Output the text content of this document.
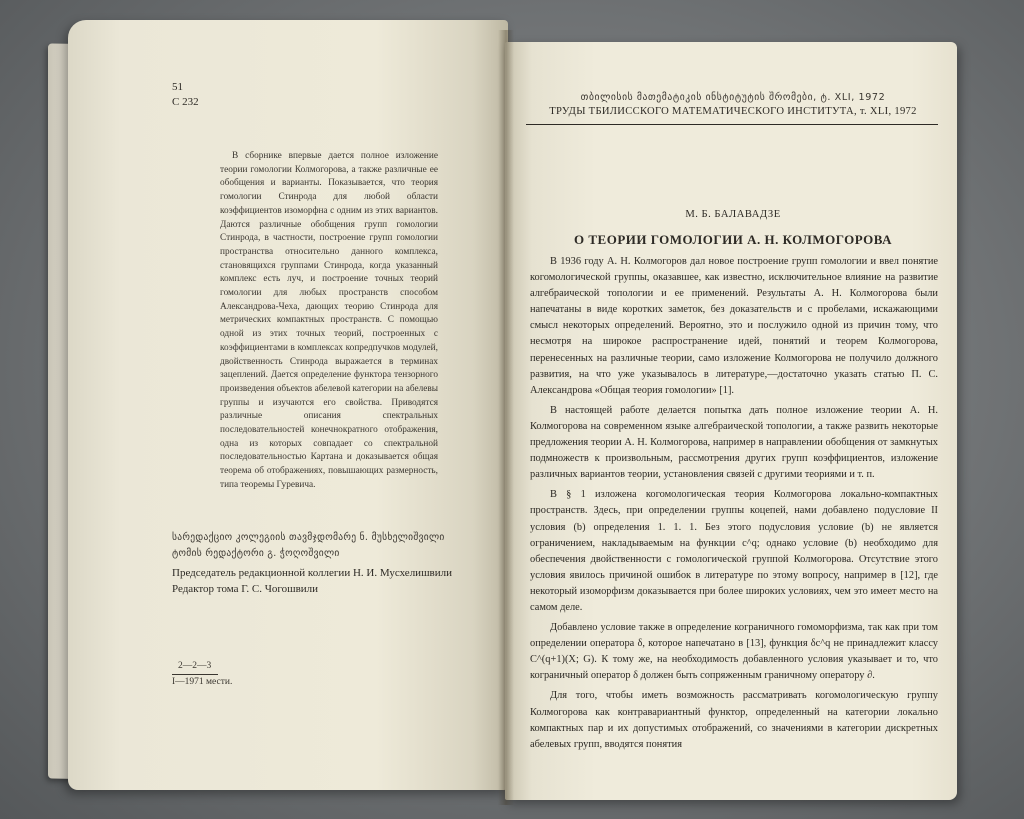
51
С 232
В сборнике впервые дается полное изложение теории гомологии Колмогорова, а также различные ее обобщения и варианты. Показывается, что теория гомологии Стинрода для любой области коэффициентов изоморфна с одним из этих вариантов. Даются различные обобщения групп гомологии Стинрода, в частности, построение групп гомологии пространства относительно данного комплекса, становящихся группами Стинрода, когда указанный комплекс есть луч, и построение точных теорий гомологии для любых пространств способом Александрова-Чеха, дающих теорию Стинрода для метрических компактных пространств. С помощью одной из этих точных теорий, построенных с коэффициентами в комплексах копредпучков модулей, двойственность Стинрода выражается в терминах зацеплений. Дается определение функтора тензорного произведения объектов абелевой категории на абелевы группы и изучаются его свойства. Приводятся различные описания спектральных последовательностей конечнократного отображения, одна из которых совпадает со спектральной последовательностью Картана и доказывается общая теорема об отображениях, повышающих размерность, типа теоремы Гуревича.
სარედაქციო კოლეგიის თავმჯდომარე ნ. მუსხელიშვილი
ტომის რედაქტორი გ. ჭოღოშვილი
Председатель редакционной коллегии Н. И. Мусхелишвили
Редактор тома Г. С. Чогошвили
2—2—3
I—1971 мести.
თბილისის მათემატიკის ინსტიტუტის შრომები, ტ. XLI, 1972
ТРУДЫ ТБИЛИССКОГО МАТЕМАТИЧЕСКОГО ИНСТИТУТА, т. XLI, 1972
М. Б. БАЛАВАДЗЕ
О ТЕОРИИ ГОМОЛОГИИ А. Н. КОЛМОГОРОВА

В 1936 году А. Н. Колмогоров дал новое построение групп гомологии и ввел понятие когомологической группы, оказавшее, как известно, исключительное влияние на развитие алгебраической топологии и ее применений. Результаты А. Н. Колмогорова были напечатаны в виде коротких заметок, без доказательств и с пробелами, искажающими смысл некоторых определений. Вероятно, это и послужило одной из причин тому, что несмотря на широкое распространение идей, понятий и теорем Колмогорова, перенесенных на различные теории, само изложение Колмогорова не получило должного развития, на что уже указывалось в литературе,—достаточно указать статью П. С. Александрова «Общая теория гомологии» [1].

В настоящей работе делается попытка дать полное изложение теории А. Н. Колмогорова на современном языке алгебраической топологии, а также развить некоторые предложения теории А. Н. Колмогорова, например в направлении обобщения от замкнутых подмножеств к произвольным, рассмотрения других групп коэффициентов, изложение различных вариантов теории, установления связей с другими теориями и т. п.

В § 1 изложена когомологическая теория Колмогорова локально-компактных пространств. Здесь, при определении группы коцепей, нами добавлено подусловие II условия (b) определения 1. 1. 1. Без этого подусловия условие (b) не является ограничением, накладываемым на функции c^q; однако условие (b) необходимо для обеспечения двойственности с гомологической группой Колмогорова. Отсутствие этого условия явилось причиной ошибок в литературе по этому вопросу, например в [12], где некоторый изоморфизм доказывается при более широких условиях, чем это имеет место на самом деле.

Добавлено условие также в определение кограничного гомоморфизма, так как при том определении оператора δ, которое напечатано в [13], функция δc^q не принадлежит классу C^(q+1)(X; G). К тому же, на необходимость добавленного условия указывает и то, что кограничный оператор δ должен быть сопряженным граничному оператору ∂.

Для того, чтобы иметь возможность рассматривать когомологическую группу Колмогорова как контравариантный функтор, определенный на категории локально компактных пар и их допустимых отображений, со значениями в категории дискретных абелевых групп, вводятся понятия
